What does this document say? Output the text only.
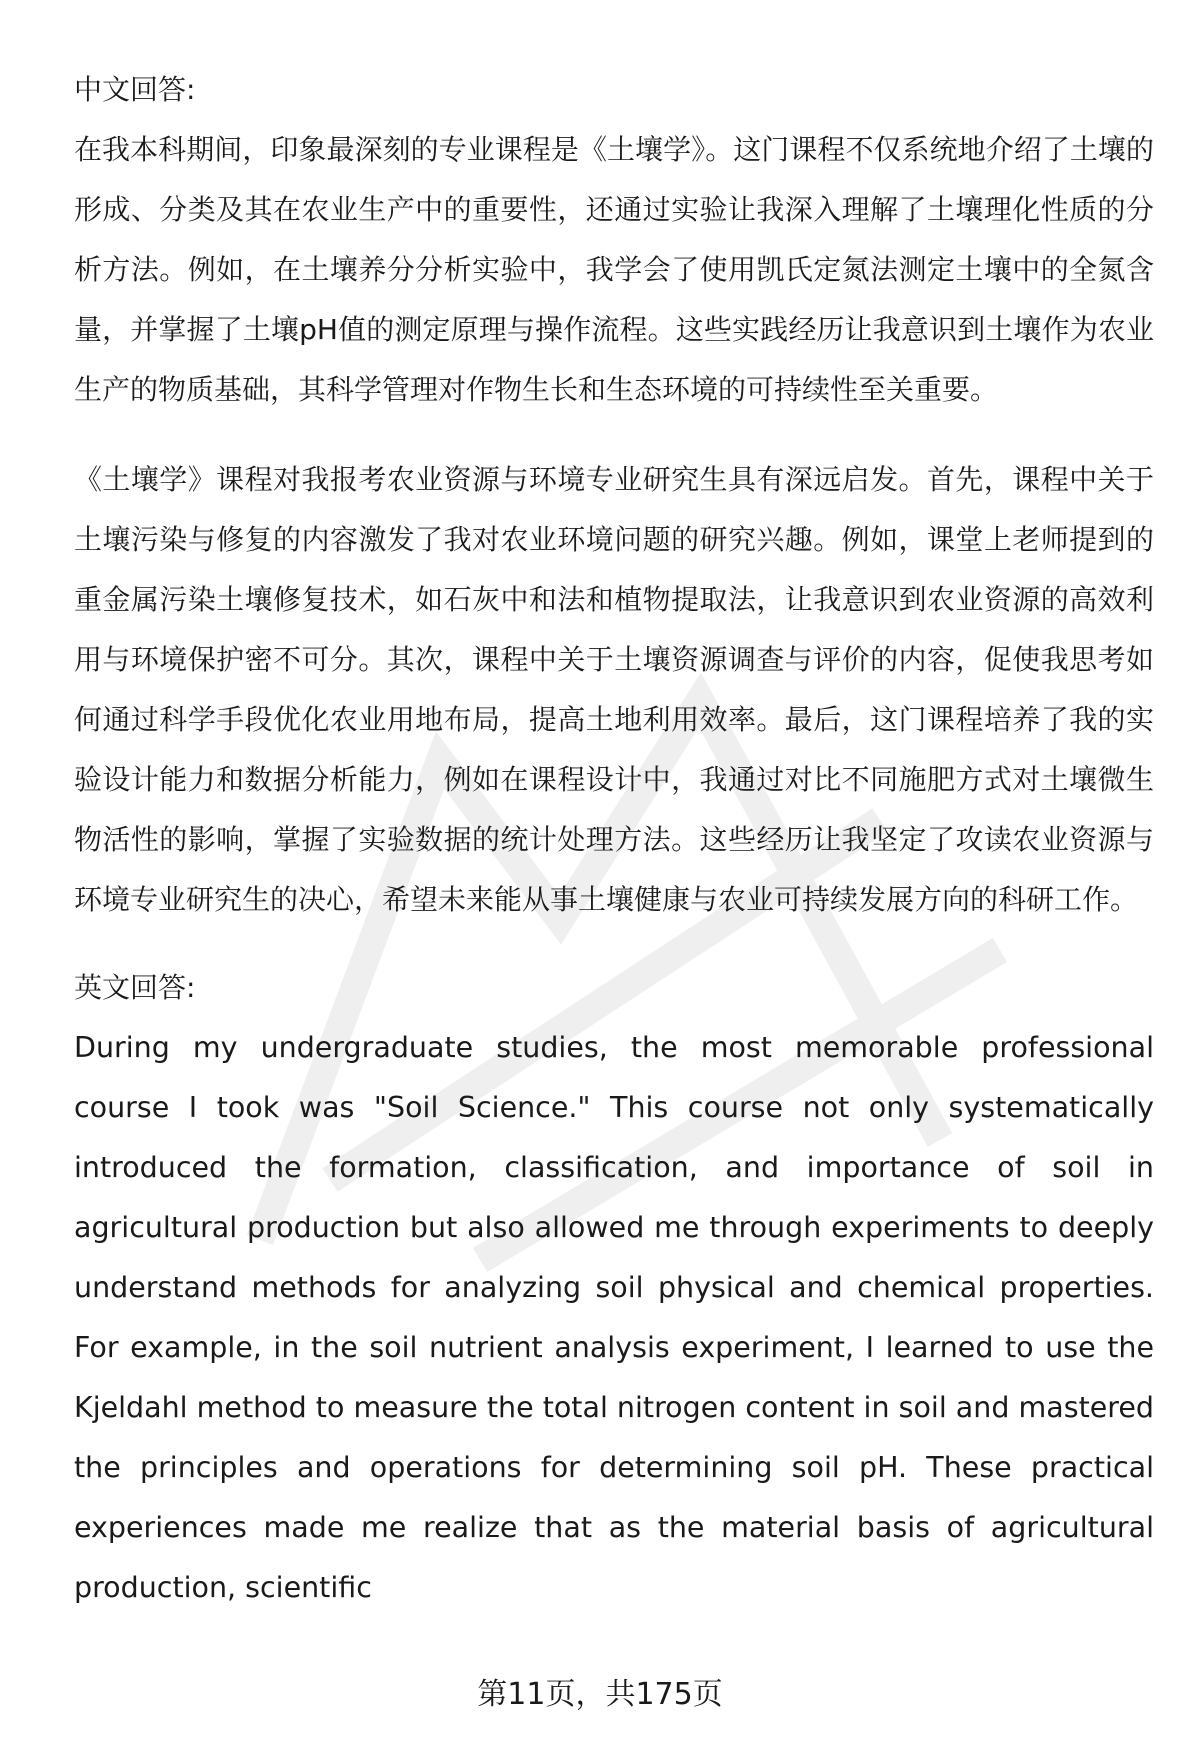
中文回答:

在我本科期间，印象最深刻的专业课程是《土壤学》。这门课程不仅系统地介绍了土壤的形成、分类及其在农业生产中的重要性，还通过实验让我深入理解了土壤理化性质的分析方法。例如，在土壤养分分析实验中，我学会了使用凯氏定氮法测定土壤中的全氮含量，并掌握了土壤pH值的测定原理与操作流程。这些实践经历让我意识到土壤作为农业生产的物质基础，其科学管理对作物生长和生态环境的可持续性至关重要。

《土壤学》课程对我报考农业资源与环境专业研究生具有深远启发。首先，课程中关于土壤污染与修复的内容激发了我对农业环境问题的研究兴趣。例如，课堂上老师提到的重金属污染土壤修复技术，如石灰中和法和植物提取法，让我意识到农业资源的高效利用与环境保护密不可分。其次，课程中关于土壤资源调查与评价的内容，促使我思考如何通过科学手段优化农业用地布局，提高土地利用效率。最后，这门课程培养了我的实验设计能力和数据分析能力，例如在课程设计中，我通过对比不同施肥方式对土壤微生物活性的影响，掌握了实验数据的统计处理方法。这些经历让我坚定了攻读农业资源与环境专业研究生的决心，希望未来能从事土壤健康与农业可持续发展方向的科研工作。

英文回答:

During my undergraduate studies, the most memorable professional course I took was "Soil Science." This course not only systematically introduced the formation, classification, and importance of soil in agricultural production but also allowed me through experiments to deeply understand methods for analyzing soil physical and chemical properties. For example, in the soil nutrient analysis experiment, I learned to use the Kjeldahl method to measure the total nitrogen content in soil and mastered the principles and operations for determining soil pH. These practical experiences made me realize that as the material basis of agricultural production, scientific

第11页，共175页
